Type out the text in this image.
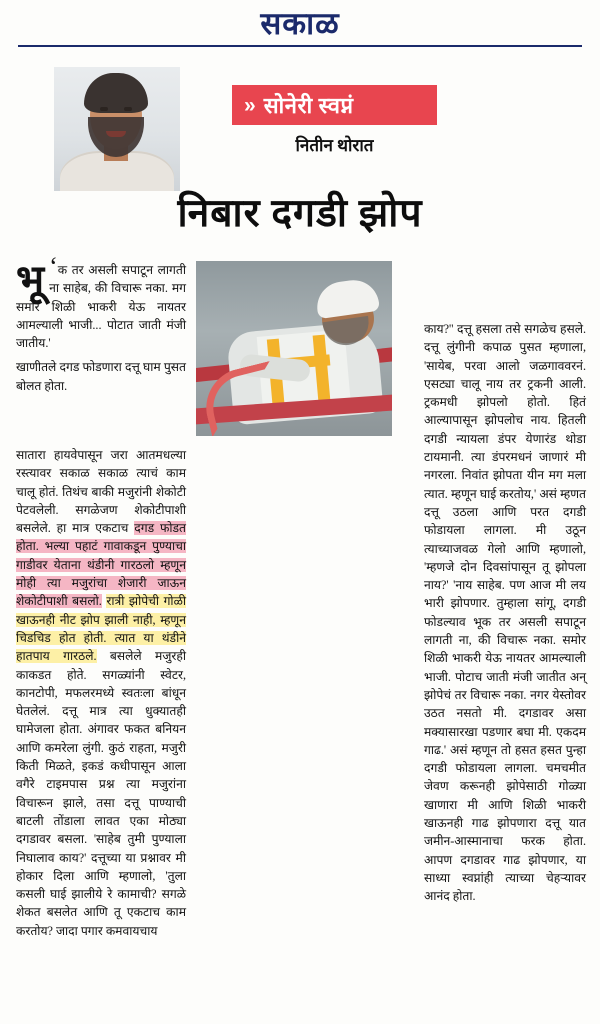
सकाळ
» सोनेरी स्वप्नं
नितीन थोरात
निबार दगडी झोप

‘
भू	क तर असली सपाटून लागती ना साहेब, की विचारू नका. मग समोर शिळी भाकरी येऊ नायतर आमल्याली भाजी... पोटात जाती मंजी जातीय.'

खाणीतले दगड फोडणारा दत्तू घाम पुसत बोलत होता.

सातारा हायवेपासून जरा आतमधल्या रस्त्यावर सकाळ सकाळ त्याचं काम चालू होतं. तिथंच बाकी मजुरांनी शेकोटी पेटवलेली. सगळेजण शेकोटीपाशी बसलेले. हा मात्र एकटाच दगड फोडत होता. भल्या पहाटं गावाकडून पुण्याचा गाडीवर येताना थंडीनी गारठलो म्हणून मोही त्या मजुरांचा शेजारी जाऊन शेकोटीपाशी बसलो. रात्री झोपेची गोळी खाऊनही नीट झोप झाली नाही, म्हणून चिडचिड होत होती. त्यात या थंडीने हातपाय गारठले. बसलेले मजुरही काकडत होते. सगळ्यांनी स्वेटर, कानटोपी, मफलरमध्ये स्वतःला बांधून घेतलेलं. दत्तू मात्र त्या धुक्यातही घामेजला होता. अंगावर फकत बनियन आणि कमरेला लुंगी. कुठं राहता, मजुरी किती मिळते, इकडं कधीपासून आला वगैरे टाइमपास प्रश्न त्या मजुरांना विचारून झाले, तसा दत्तू पाण्याची बाटली तोंडाला लावत एका मोठ्या दगडावर बसला. 'साहेब तुमी पुण्याला निघालाव काय?' दत्तूच्या या प्रश्नावर मी होकार दिला आणि म्हणालो, 'तुला कसली घाई झालीये रे कामाची? सगळे शेकत बसलेत आणि तू एकटाच काम करतोय? जादा पगार कमवायचाय

काय?'' दत्तू हसला तसे सगळेच हसले. दत्तू लुंगीनी कपाळ पुसत म्हणाला, 'सायेब, परवा आलो जळगाववरनं. एसट्या चालू नाय तर ट्रकनी आली. ट्रकमधी झोपलो होतो. हितं आल्यापासून झोपलोच नाय. हितली दगडी न्यायला डंपर येणारंड थोडा टायमानी. त्या डंपरमधनं जाणारं मी नगरला. निवांत झोपता यीन मग मला त्यात. म्हणून घाई करतोय,' असं म्हणत दत्तू उठला आणि परत दगडी फोडायला लागला. मी उठून त्याच्याजवळ गेलो आणि म्हणालो, 'म्हणजे दोन दिवसांपासून तू झोपला नाय?' 'नाय साहेब. पण आज मी लय भारी झोपणार. तुम्हाला सांगू, दगडी फोडल्याव भूक तर असली सपाटून लागती ना, की विचारू नका. समोर शिळी भाकरी येऊ नायतर आमल्याली भाजी. पोटाच जाती मंजी जातीत अन् झोपेचं तर विचारू नका. नगर येस्तोवर उठत नसतो मी. दगडावर असा मक्यासारखा पडणार बघा मी. एकदम गाढ.' असं म्हणून तो हसत हसत पुन्हा दगडी फोडायला लागला. चमचमीत जेवण करूनही झोपेसाठी गोळ्या खाणारा मी आणि शिळी भाकरी खाऊनही गाढ झोपणारा दत्तू यात जमीन-आस्मानाचा फरक होता. आपण दगडावर गाढ झोपणार, या साध्या स्वप्नांही त्याच्या चेहऱ्यावर आनंद होता.
